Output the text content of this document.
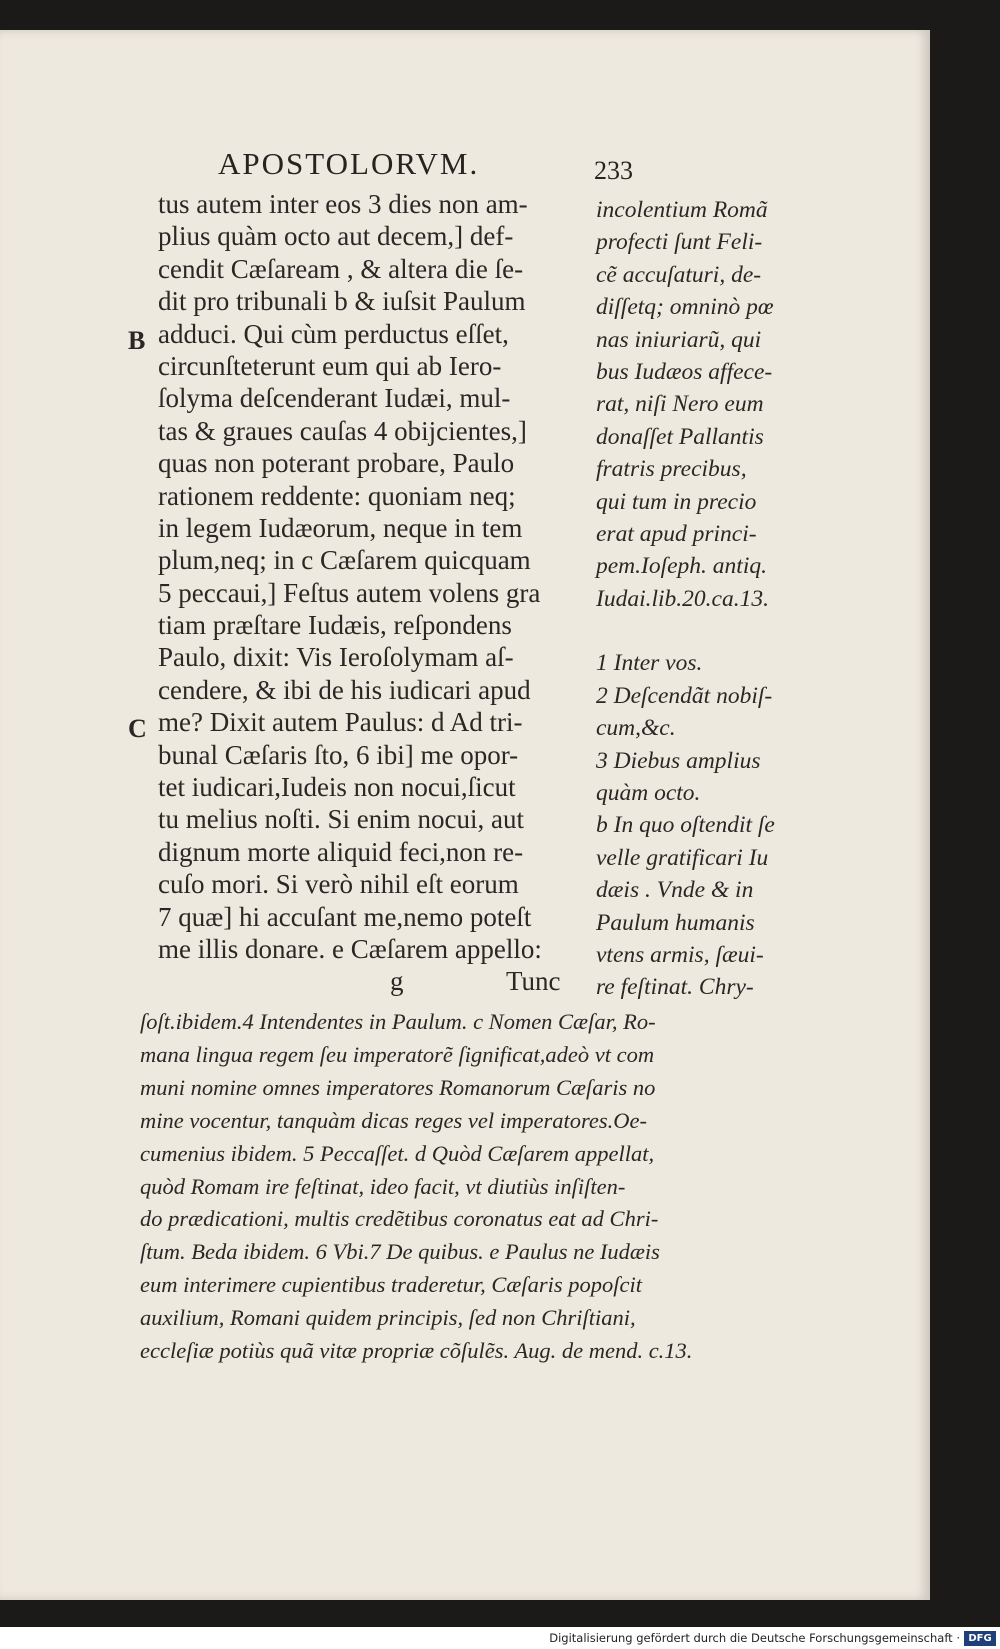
APOSTOLORVM.	233
B
C
tus autem inter eos 3 dies non am-
plius quàm octo aut decem,] def-
cendit Cæſaream , & altera die ſe-
dit pro tribunali b & iuſsit Paulum
adduci. Qui cùm perductus eſſet,
circunſteterunt eum qui ab Iero-
ſolyma deſcenderant Iudæi, mul-
tas & graues cauſas 4 obijcientes,]
quas non poterant probare, Paulo
rationem reddente: quoniam neq;
in legem Iudæorum, neque in tem
plum,neq; in c Cæſarem quicquam
5 peccaui,] Feſtus autem volens gra
tiam præſtare Iudæis, reſpondens
Paulo, dixit: Vis Ieroſolymam aſ-
cendere, & ibi de his iudicari apud
me? Dixit autem Paulus: d Ad tri-
bunal Cæſaris ſto, 6 ibi] me opor-
tet iudicari,Iudeis non nocui,ſicut
tu melius noſti. Si enim nocui, aut
dignum morte aliquid feci,non re-
cuſo mori. Si verò nihil eſt eorum
7 quæ] hi accuſant me,nemo poteſt
me illis donare. e Cæſarem appello:
g	Tunc
incolentium Romã
profecti ſunt Feli-
cẽ accuſaturi, de-
diſſetq; omninò pœ
nas iniuriarũ, qui
bus Iudæos affece-
rat, niſi Nero eum
donaſſet Pallantis
fratris precibus,
qui tum in precio
erat apud princi-
pem.Ioſeph. antiq.
Iudai.lib.20.ca.13.
1 Inter vos.
2 Deſcendãt nobiſ-
cum,&c.
3 Diebus amplius
quàm octo.
b In quo oſtendit ſe
velle gratificari Iu
dæis . Vnde & in
Paulum humanis
vtens armis, ſæui-
re feſtinat. Chry-
ſoſt.ibidem.4 Intendentes in Paulum. c Nomen Cæſar, Ro-
mana lingua regem ſeu imperatorẽ ſignificat,adeò vt com
muni nomine omnes imperatores Romanorum Cæſaris no
mine vocentur, tanquàm dicas reges vel imperatores.Oe-
cumenius ibidem. 5 Peccaſſet. d Quòd Cæſarem appellat,
quòd Romam ire feſtinat, ideo facit, vt diutiùs inſiſten-
do prædicationi, multis credẽtibus coronatus eat ad Chri-
ſtum. Beda ibidem. 6 Vbi.7 De quibus. e Paulus ne Iudæis
eum interimere cupientibus traderetur, Cæſaris popoſcit
auxilium, Romani quidem principis, ſed non Chriſtiani,
eccleſiæ potiùs quã vitæ propriæ cõſulẽs. Aug. de mend. c.13.
Digitalisierung gefördert durch die Deutsche Forschungsgemeinschaft · DFG
